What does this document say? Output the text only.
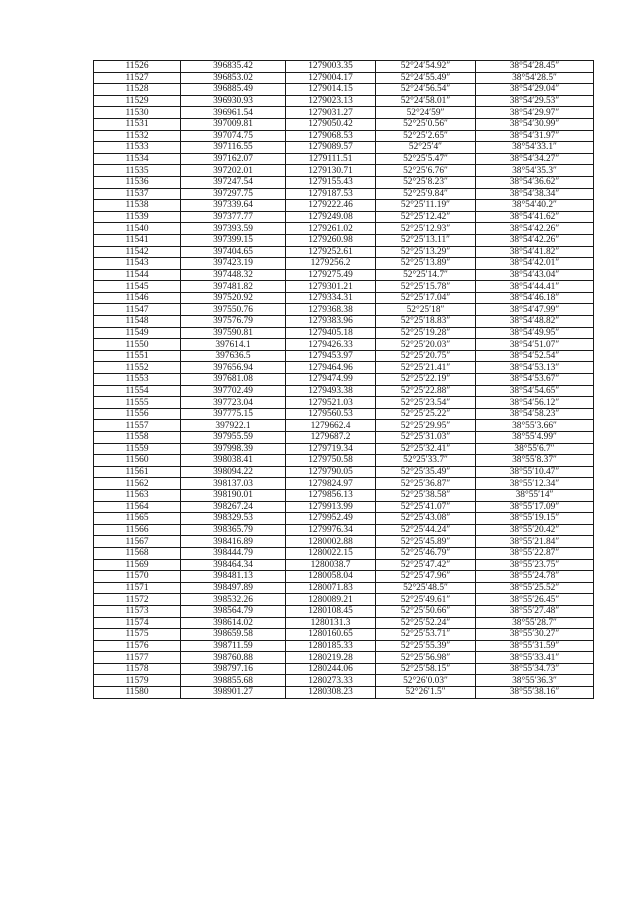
11526	396835.42	1279003.35	52°24′54.92″	38°54′28.45″
11527	396853.02	1279004.17	52°24′55.49″	38°54′28.5″
11528	396885.49	1279014.15	52°24′56.54″	38°54′29.04″
11529	396930.93	1279023.13	52°24′58.01″	38°54′29.53″
11530	396961.54	1279031.27	52°24′59″	38°54′29.97″
11531	397009.81	1279050.42	52°25′0.56″	38°54′30.99″
11532	397074.75	1279068.53	52°25′2.65″	38°54′31.97″
11533	397116.55	1279089.57	52°25′4″	38°54′33.1″
11534	397162.07	1279111.51	52°25′5.47″	38°54′34.27″
11535	397202.01	1279130.71	52°25′6.76″	38°54′35.3″
11536	397247.54	1279155.43	52°25′8.23″	38°54′36.62″
11537	397297.75	1279187.53	52°25′9.84″	38°54′38.34″
11538	397339.64	1279222.46	52°25′11.19″	38°54′40.2″
11539	397377.77	1279249.08	52°25′12.42″	38°54′41.62″
11540	397393.59	1279261.02	52°25′12.93″	38°54′42.26″
11541	397399.15	1279260.98	52°25′13.11″	38°54′42.26″
11542	397404.65	1279252.61	52°25′13.29″	38°54′41.82″
11543	397423.19	1279256.2	52°25′13.89″	38°54′42.01″
11544	397448.32	1279275.49	52°25′14.7″	38°54′43.04″
11545	397481.82	1279301.21	52°25′15.78″	38°54′44.41″
11546	397520.92	1279334.31	52°25′17.04″	38°54′46.18″
11547	397550.76	1279368.38	52°25′18″	38°54′47.99″
11548	397576.79	1279383.96	52°25′18.83″	38°54′48.82″
11549	397590.81	1279405.18	52°25′19.28″	38°54′49.95″
11550	397614.1	1279426.33	52°25′20.03″	38°54′51.07″
11551	397636.5	1279453.97	52°25′20.75″	38°54′52.54″
11552	397656.94	1279464.96	52°25′21.41″	38°54′53.13″
11553	397681.08	1279474.99	52°25′22.19″	38°54′53.67″
11554	397702.49	1279493.38	52°25′22.88″	38°54′54.65″
11555	397723.04	1279521.03	52°25′23.54″	38°54′56.12″
11556	397775.15	1279560.53	52°25′25.22″	38°54′58.23″
11557	397922.1	1279662.4	52°25′29.95″	38°55′3.66″
11558	397955.59	1279687.2	52°25′31.03″	38°55′4.99″
11559	397998.39	1279719.34	52°25′32.41″	38°55′6.7″
11560	398038.41	1279750.58	52°25′33.7″	38°55′8.37″
11561	398094.22	1279790.05	52°25′35.49″	38°55′10.47″
11562	398137.03	1279824.97	52°25′36.87″	38°55′12.34″
11563	398190.01	1279856.13	52°25′38.58″	38°55′14″
11564	398267.24	1279913.99	52°25′41.07″	38°55′17.09″
11565	398329.53	1279952.49	52°25′43.08″	38°55′19.15″
11566	398365.79	1279976.34	52°25′44.24″	38°55′20.42″
11567	398416.89	1280002.88	52°25′45.89″	38°55′21.84″
11568	398444.79	1280022.15	52°25′46.79″	38°55′22.87″
11569	398464.34	1280038.7	52°25′47.42″	38°55′23.75″
11570	398481.13	1280058.04	52°25′47.96″	38°55′24.78″
11571	398497.89	1280071.83	52°25′48.5″	38°55′25.52″
11572	398532.26	1280089.21	52°25′49.61″	38°55′26.45″
11573	398564.79	1280108.45	52°25′50.66″	38°55′27.48″
11574	398614.02	1280131.3	52°25′52.24″	38°55′28.7″
11575	398659.58	1280160.65	52°25′53.71″	38°55′30.27″
11576	398711.59	1280185.33	52°25′55.39″	38°55′31.59″
11577	398760.88	1280219.28	52°25′56.98″	38°55′33.41″
11578	398797.16	1280244.06	52°25′58.15″	38°55′34.73″
11579	398855.68	1280273.33	52°26′0.03″	38°55′36.3″
11580	398901.27	1280308.23	52°26′1.5″	38°55′38.16″
